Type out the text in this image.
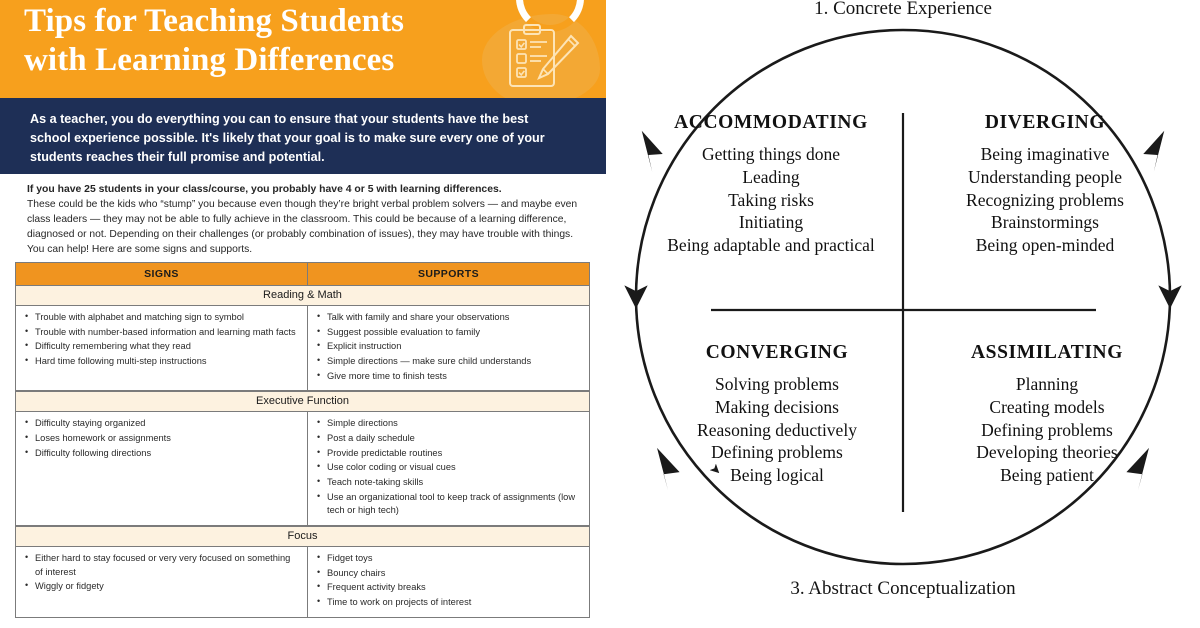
Tips for Teaching Students
with Learning Differences

As a teacher, you do everything you can to ensure that your students have the best school experience possible. It's likely that your goal is to make sure every one of your students reaches their full promise and potential.

If you have 25 students in your class/course, you probably have 4 or 5 with learning differences.
These could be the kids who “stump” you because even though they’re bright verbal problem solvers — and maybe even class leaders — they may not be able to fully achieve in the classroom. This could be because of a learning difference, diagnosed or not. Depending on their challenges (or probably combination of issues), they may have trouble with things. You can help! Here are some signs and supports.
SIGNS	SUPPORTS
Reading & Math
• Trouble with alphabet and matching sign to symbol
• Trouble with number-based information and learning math facts
• Difficulty remembering what they read
• Hard time following multi-step instructions
• Talk with family and share your observations
• Suggest possible evaluation to family
• Explicit instruction
• Simple directions — make sure child understands
• Give more time to finish tests
Executive Function
• Difficulty staying organized
• Loses homework or assignments
• Difficulty following directions
• Simple directions
• Post a daily schedule
• Provide predictable routines
• Use color coding or visual cues
• Teach note-taking skills
• Use an organizational tool to keep track of assignments (low tech or high tech)
Focus
• Either hard to stay focused or very very focused on something of interest
• Wiggly or fidgety
• Fidget toys
• Bouncy chairs
• Frequent activity breaks
• Time to work on projects of interest
1. Concrete Experience
3. Abstract Conceptualization
ACCOMMODATING
Getting things done
Leading
Taking risks
Initiating
Being adaptable and practical
DIVERGING
Being imaginative
Understanding people
Recognizing problems
Brainstormings
Being open-minded
CONVERGING
Solving problems
Making decisions
Reasoning deductively
Defining problems
Being logical
ASSIMILATING
Planning
Creating models
Defining problems
Developing theories
Being patient
